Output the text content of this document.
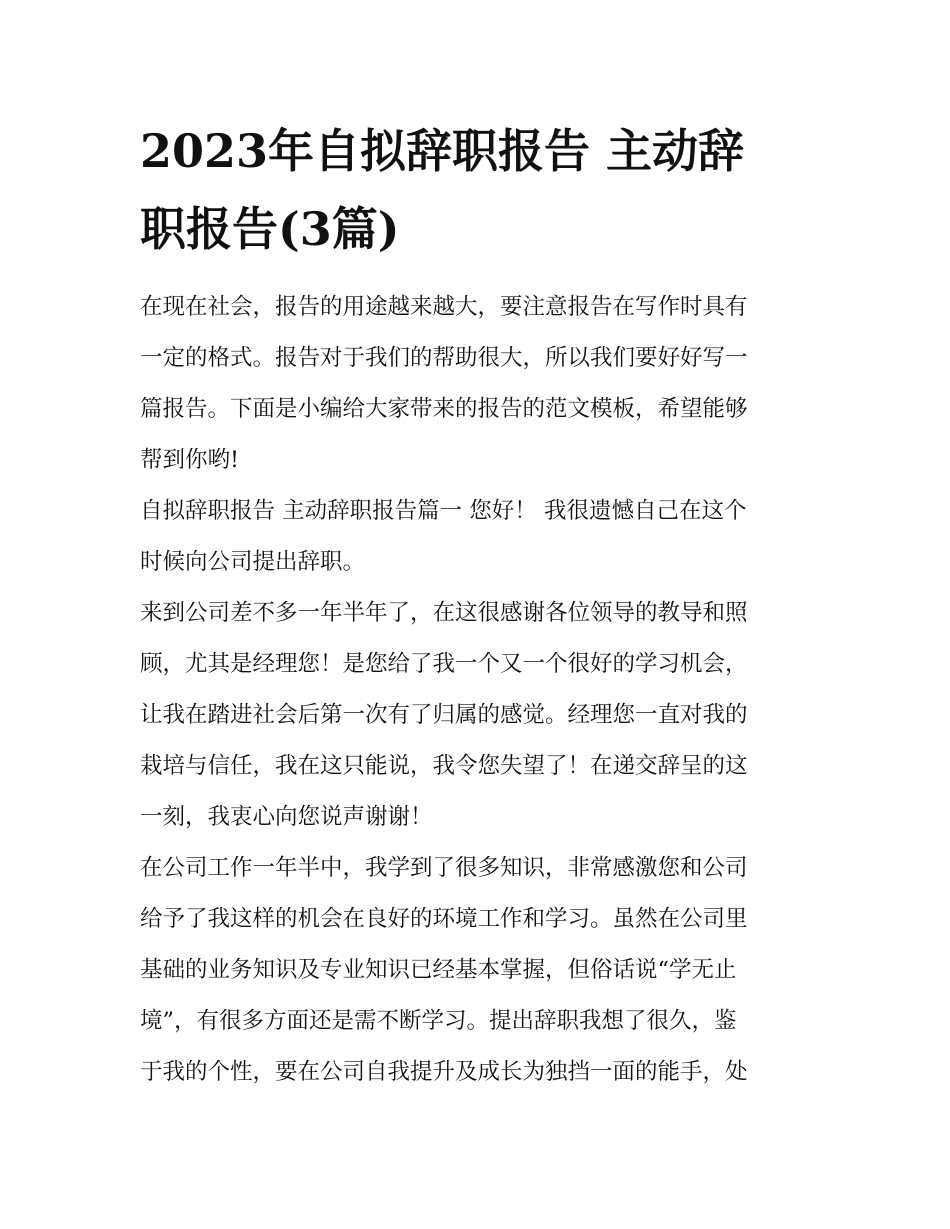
2023年自拟辞职报告 主动辞
职报告(3篇)

在现在社会，报告的用途越来越大，要注意报告在写作时具有
一定的格式。报告对于我们的帮助很大，所以我们要好好写一
篇报告。下面是小编给大家带来的报告的范文模板，希望能够
帮到你哟!

自拟辞职报告 主动辞职报告篇一 您好！ 我很遗憾自己在这个
时候向公司提出辞职。

来到公司差不多一年半年了，在这很感谢各位领导的教导和照
顾，尤其是经理您！是您给了我一个又一个很好的学习机会，
让我在踏进社会后第一次有了归属的感觉。经理您一直对我的
栽培与信任，我在这只能说，我令您失望了！在递交辞呈的这
一刻，我衷心向您说声谢谢！

在公司工作一年半中，我学到了很多知识，非常感激您和公司
给予了我这样的机会在良好的环境工作和学习。虽然在公司里
基础的业务知识及专业知识已经基本掌握，但俗话说“学无止
境”，有很多方面还是需不断学习。提出辞职我想了很久，鉴
于我的个性，要在公司自我提升及成长为独挡一面的能手，处
